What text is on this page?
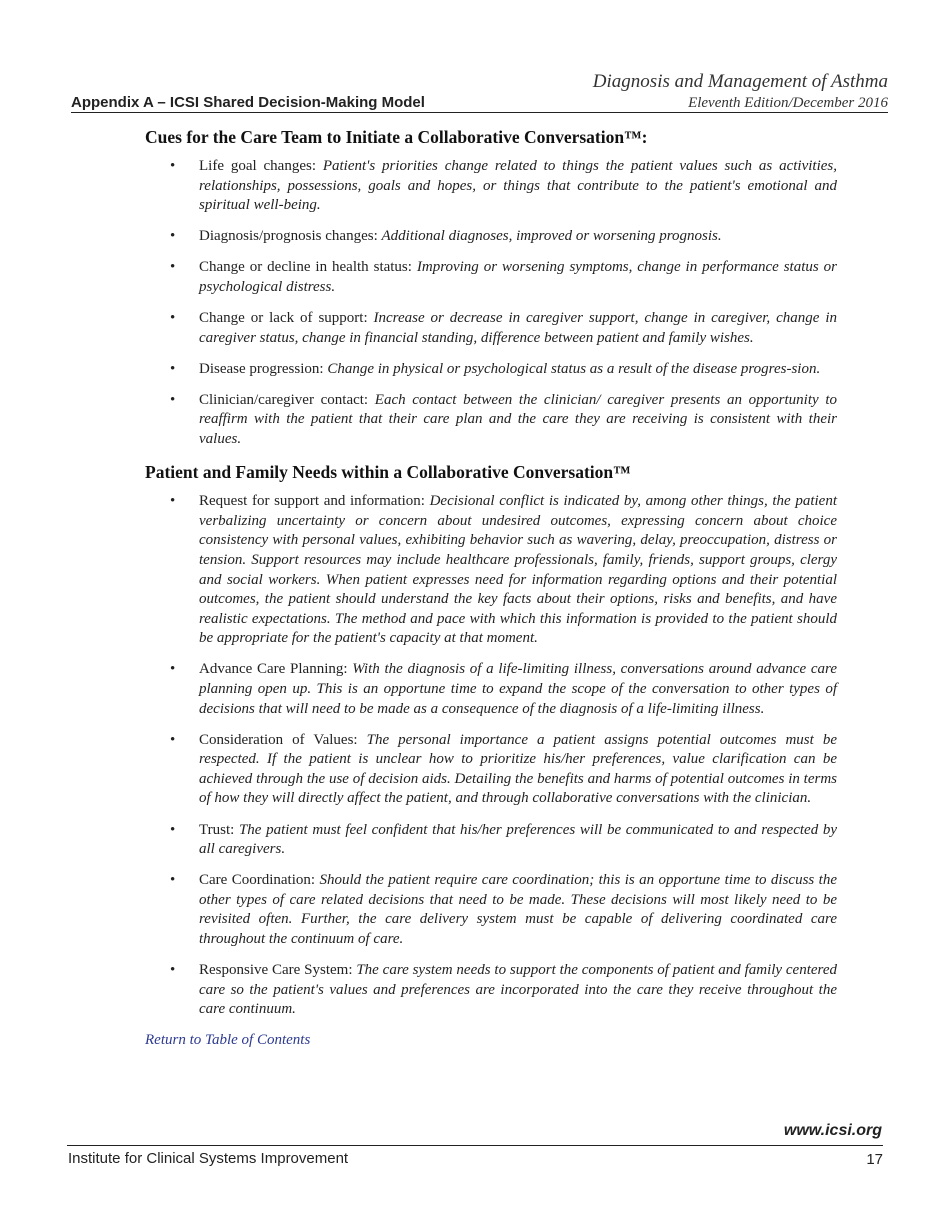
Appendix A – ICSI Shared Decision-Making Model
Diagnosis and Management of Asthma
Eleventh Edition/December 2016
Cues for the Care Team to Initiate a Collaborative Conversation™:
• Life goal changes: Patient's priorities change related to things the patient values such as activities, relationships, possessions, goals and hopes, or things that contribute to the patient's emotional and spiritual well-being.
• Diagnosis/prognosis changes: Additional diagnoses, improved or worsening prognosis.
• Change or decline in health status: Improving or worsening symptoms, change in performance status or psychological distress.
• Change or lack of support: Increase or decrease in caregiver support, change in caregiver, change in caregiver status, change in financial standing, difference between patient and family wishes.
• Disease progression: Change in physical or psychological status as a result of the disease progres-sion.
• Clinician/caregiver contact: Each contact between the clinician/ caregiver presents an opportunity to reaffirm with the patient that their care plan and the care they are receiving is consistent with their values.
Patient and Family Needs within a Collaborative Conversation™
• Request for support and information: Decisional conflict is indicated by, among other things, the patient verbalizing uncertainty or concern about undesired outcomes, expressing concern about choice consistency with personal values, exhibiting behavior such as wavering, delay, preoccupation, distress or tension. Support resources may include healthcare professionals, family, friends, support groups, clergy and social workers. When patient expresses need for information regarding options and their potential outcomes, the patient should understand the key facts about their options, risks and benefits, and have realistic expectations. The method and pace with which this information is provided to the patient should be appropriate for the patient's capacity at that moment.
• Advance Care Planning: With the diagnosis of a life-limiting illness, conversations around advance care planning open up. This is an opportune time to expand the scope of the conversation to other types of decisions that will need to be made as a consequence of the diagnosis of a life-limiting illness.
• Consideration of Values: The personal importance a patient assigns potential outcomes must be respected. If the patient is unclear how to prioritize his/her preferences, value clarification can be achieved through the use of decision aids. Detailing the benefits and harms of potential outcomes in terms of how they will directly affect the patient, and through collaborative conversations with the clinician.
• Trust: The patient must feel confident that his/her preferences will be communicated to and respected by all caregivers.
• Care Coordination: Should the patient require care coordination; this is an opportune time to discuss the other types of care related decisions that need to be made. These decisions will most likely need to be revisited often. Further, the care delivery system must be capable of delivering coordinated care throughout the continuum of care.
• Responsive Care System: The care system needs to support the components of patient and family centered care so the patient's values and preferences are incorporated into the care they receive throughout the care continuum.
Return to Table of Contents
www.icsi.org
Institute for Clinical Systems Improvement	17
